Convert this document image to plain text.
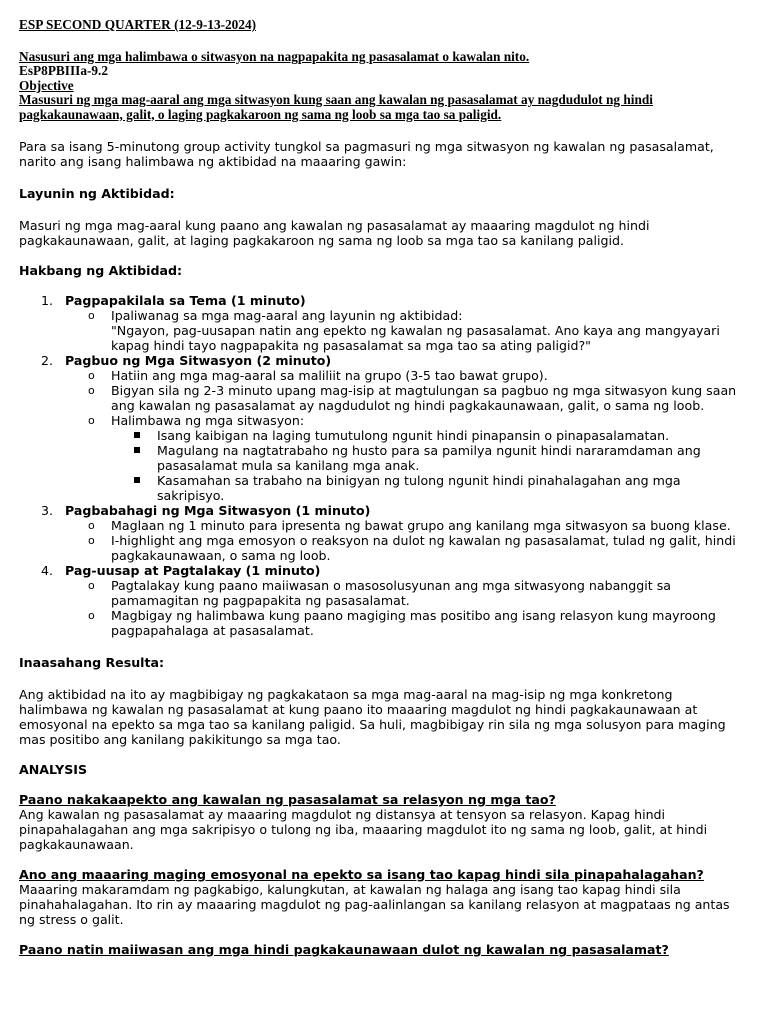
ESP SECOND QUARTER (12-9-13-2024)

Nasusuri ang mga halimbawa o sitwasyon na nagpapakita ng pasasalamat o kawalan nito.

EsP8PBIIIa-9.2

Objective

Masusuri ng mga mag-aaral ang mga sitwasyon kung saan ang kawalan ng pasasalamat ay nagdudulot ng hindi pagkakaunawaan, galit, o laging pagkakaroon ng sama ng loob sa mga tao sa paligid.

Para sa isang 5-minutong group activity tungkol sa pagmasuri ng mga sitwasyon ng kawalan ng pasasalamat, narito ang isang halimbawa ng aktibidad na maaaring gawin:

Layunin ng Aktibidad:

Masuri ng mga mag-aaral kung paano ang kawalan ng pasasalamat ay maaaring magdulot ng hindi pagkakaunawaan, galit, at laging pagkakaroon ng sama ng loob sa mga tao sa kanilang paligid.

Hakbang ng Aktibidad:

1. Pagpapakilala sa Tema (1 minuto)
o Ipaliwanag sa mga mag-aaral ang layunin ng aktibidad:
"Ngayon, pag-uusapan natin ang epekto ng kawalan ng pasasalamat. Ano kaya ang mangyayari kapag hindi tayo nagpapakita ng pasasalamat sa mga tao sa ating paligid?"
2. Pagbuo ng Mga Sitwasyon (2 minuto)
o Hatiin ang mga mag-aaral sa maliliit na grupo (3-5 tao bawat grupo).
o Bigyan sila ng 2-3 minuto upang mag-isip at magtulungan sa pagbuo ng mga sitwasyon kung saan ang kawalan ng pasasalamat ay nagdudulot ng hindi pagkakaunawaan, galit, o sama ng loob.
o Halimbawa ng mga sitwasyon:
Isang kaibigan na laging tumutulong ngunit hindi pinapansin o pinapasalamatan.
Magulang na nagtatrabaho ng husto para sa pamilya ngunit hindi nararamdaman ang pasasalamat mula sa kanilang mga anak.
Kasamahan sa trabaho na binigyan ng tulong ngunit hindi pinahalagahan ang mga sakripisyo.
3. Pagbabahagi ng Mga Sitwasyon (1 minuto)
o Maglaan ng 1 minuto para ipresenta ng bawat grupo ang kanilang mga sitwasyon sa buong klase.
o I-highlight ang mga emosyon o reaksyon na dulot ng kawalan ng pasasalamat, tulad ng galit, hindi pagkakaunawaan, o sama ng loob.
4. Pag-uusap at Pagtalakay (1 minuto)
o Pagtalakay kung paano maiiwasan o masosolusyunan ang mga sitwasyong nabanggit sa pamamagitan ng pagpapakita ng pasasalamat.
o Magbigay ng halimbawa kung paano magiging mas positibo ang isang relasyon kung mayroong pagpapahalaga at pasasalamat.

Inaasahang Resulta:

Ang aktibidad na ito ay magbibigay ng pagkakataon sa mga mag-aaral na mag-isip ng mga konkretong halimbawa ng kawalan ng pasasalamat at kung paano ito maaaring magdulot ng hindi pagkakaunawaan at emosyonal na epekto sa mga tao sa kanilang paligid. Sa huli, magbibigay rin sila ng mga solusyon para maging mas positibo ang kanilang pakikitungo sa mga tao.

ANALYSIS

Paano nakakaapekto ang kawalan ng pasasalamat sa relasyon ng mga tao?

Ang kawalan ng pasasalamat ay maaaring magdulot ng distansya at tensyon sa relasyon. Kapag hindi pinapahalagahan ang mga sakripisyo o tulong ng iba, maaaring magdulot ito ng sama ng loob, galit, at hindi pagkakaunawaan.

Ano ang maaaring maging emosyonal na epekto sa isang tao kapag hindi sila pinapahalagahan?

Maaaring makaramdam ng pagkabigo, kalungkutan, at kawalan ng halaga ang isang tao kapag hindi sila pinahahalagahan. Ito rin ay maaaring magdulot ng pag-aalinlangan sa kanilang relasyon at magpataas ng antas ng stress o galit.

Paano natin maiiwasan ang mga hindi pagkakaunawaan dulot ng kawalan ng pasasalamat?
